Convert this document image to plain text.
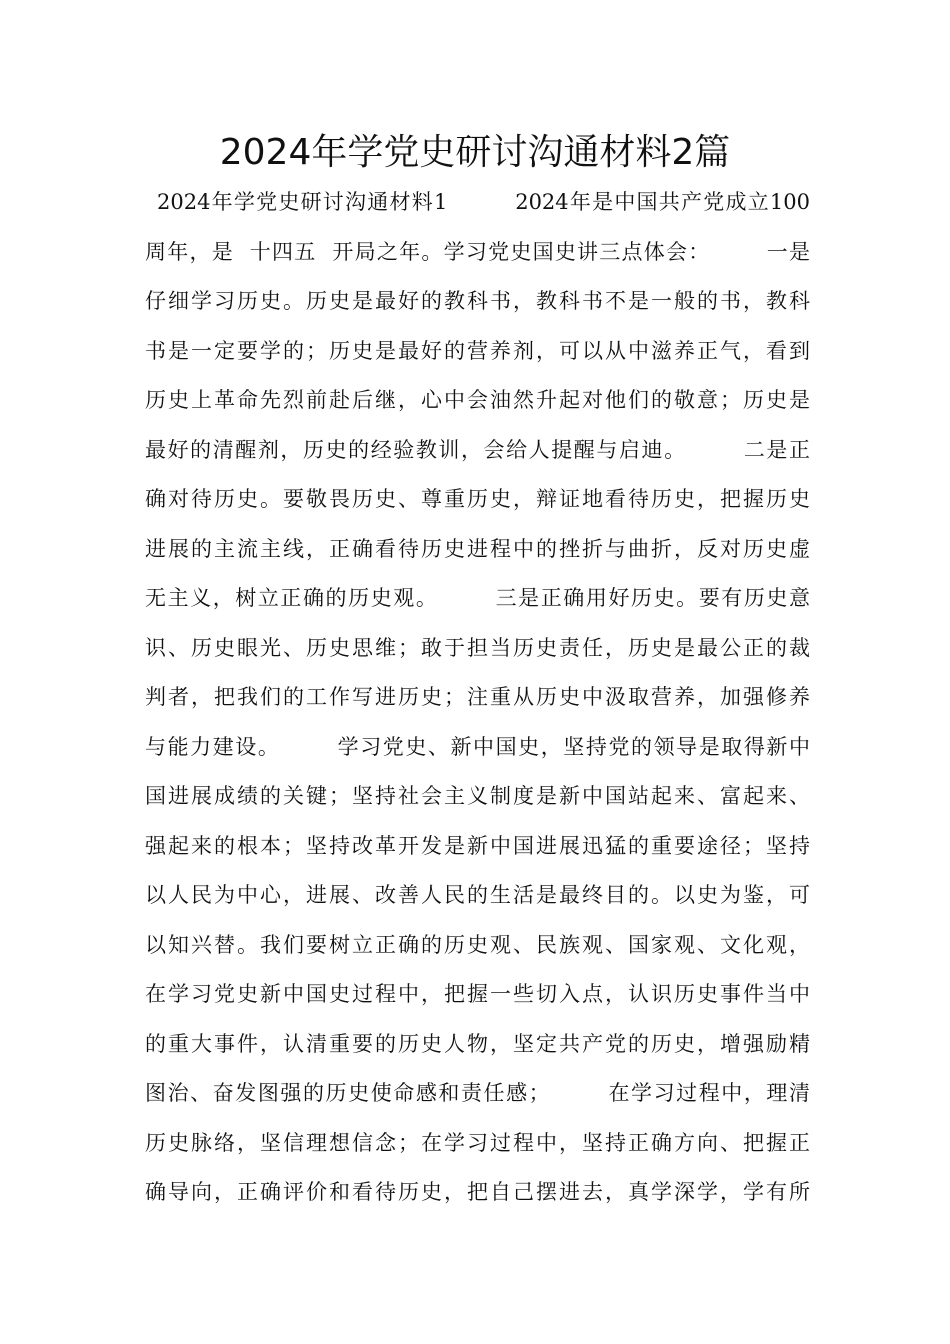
2024年学党史研讨沟通材料2篇
2024年学党史研讨沟通材料1　　　2024年是中国共产党成立100
周年，是  十四五  开局之年。学习党史国史讲三点体会：　　　一是
仔细学习历史。历史是最好的教科书，教科书不是一般的书，教科
书是一定要学的；历史是最好的营养剂，可以从中滋养正气，看到
历史上革命先烈前赴后继，心中会油然升起对他们的敬意；历史是
最好的清醒剂，历史的经验教训，会给人提醒与启迪。　　　二是正
确对待历史。要敬畏历史、尊重历史，辩证地看待历史，把握历史
进展的主流主线，正确看待历史进程中的挫折与曲折，反对历史虚
无主义，树立正确的历史观。　　　三是正确用好历史。要有历史意
识、历史眼光、历史思维；敢于担当历史责任，历史是最公正的裁
判者，把我们的工作写进历史；注重从历史中汲取营养，加强修养
与能力建设。　　　学习党史、新中国史，坚持党的领导是取得新中
国进展成绩的关键；坚持社会主义制度是新中国站起来、富起来、
强起来的根本；坚持改革开发是新中国进展迅猛的重要途径；坚持
以人民为中心，进展、改善人民的生活是最终目的。以史为鉴，可
以知兴替。我们要树立正确的历史观、民族观、国家观、文化观，
在学习党史新中国史过程中，把握一些切入点，认识历史事件当中
的重大事件，认清重要的历史人物，坚定共产党的历史，增强励精
图治、奋发图强的历史使命感和责任感；　　　在学习过程中，理清
历史脉络，坚信理想信念；在学习过程中，坚持正确方向、把握正
确导向，正确评价和看待历史，把自己摆进去，真学深学，学有所
